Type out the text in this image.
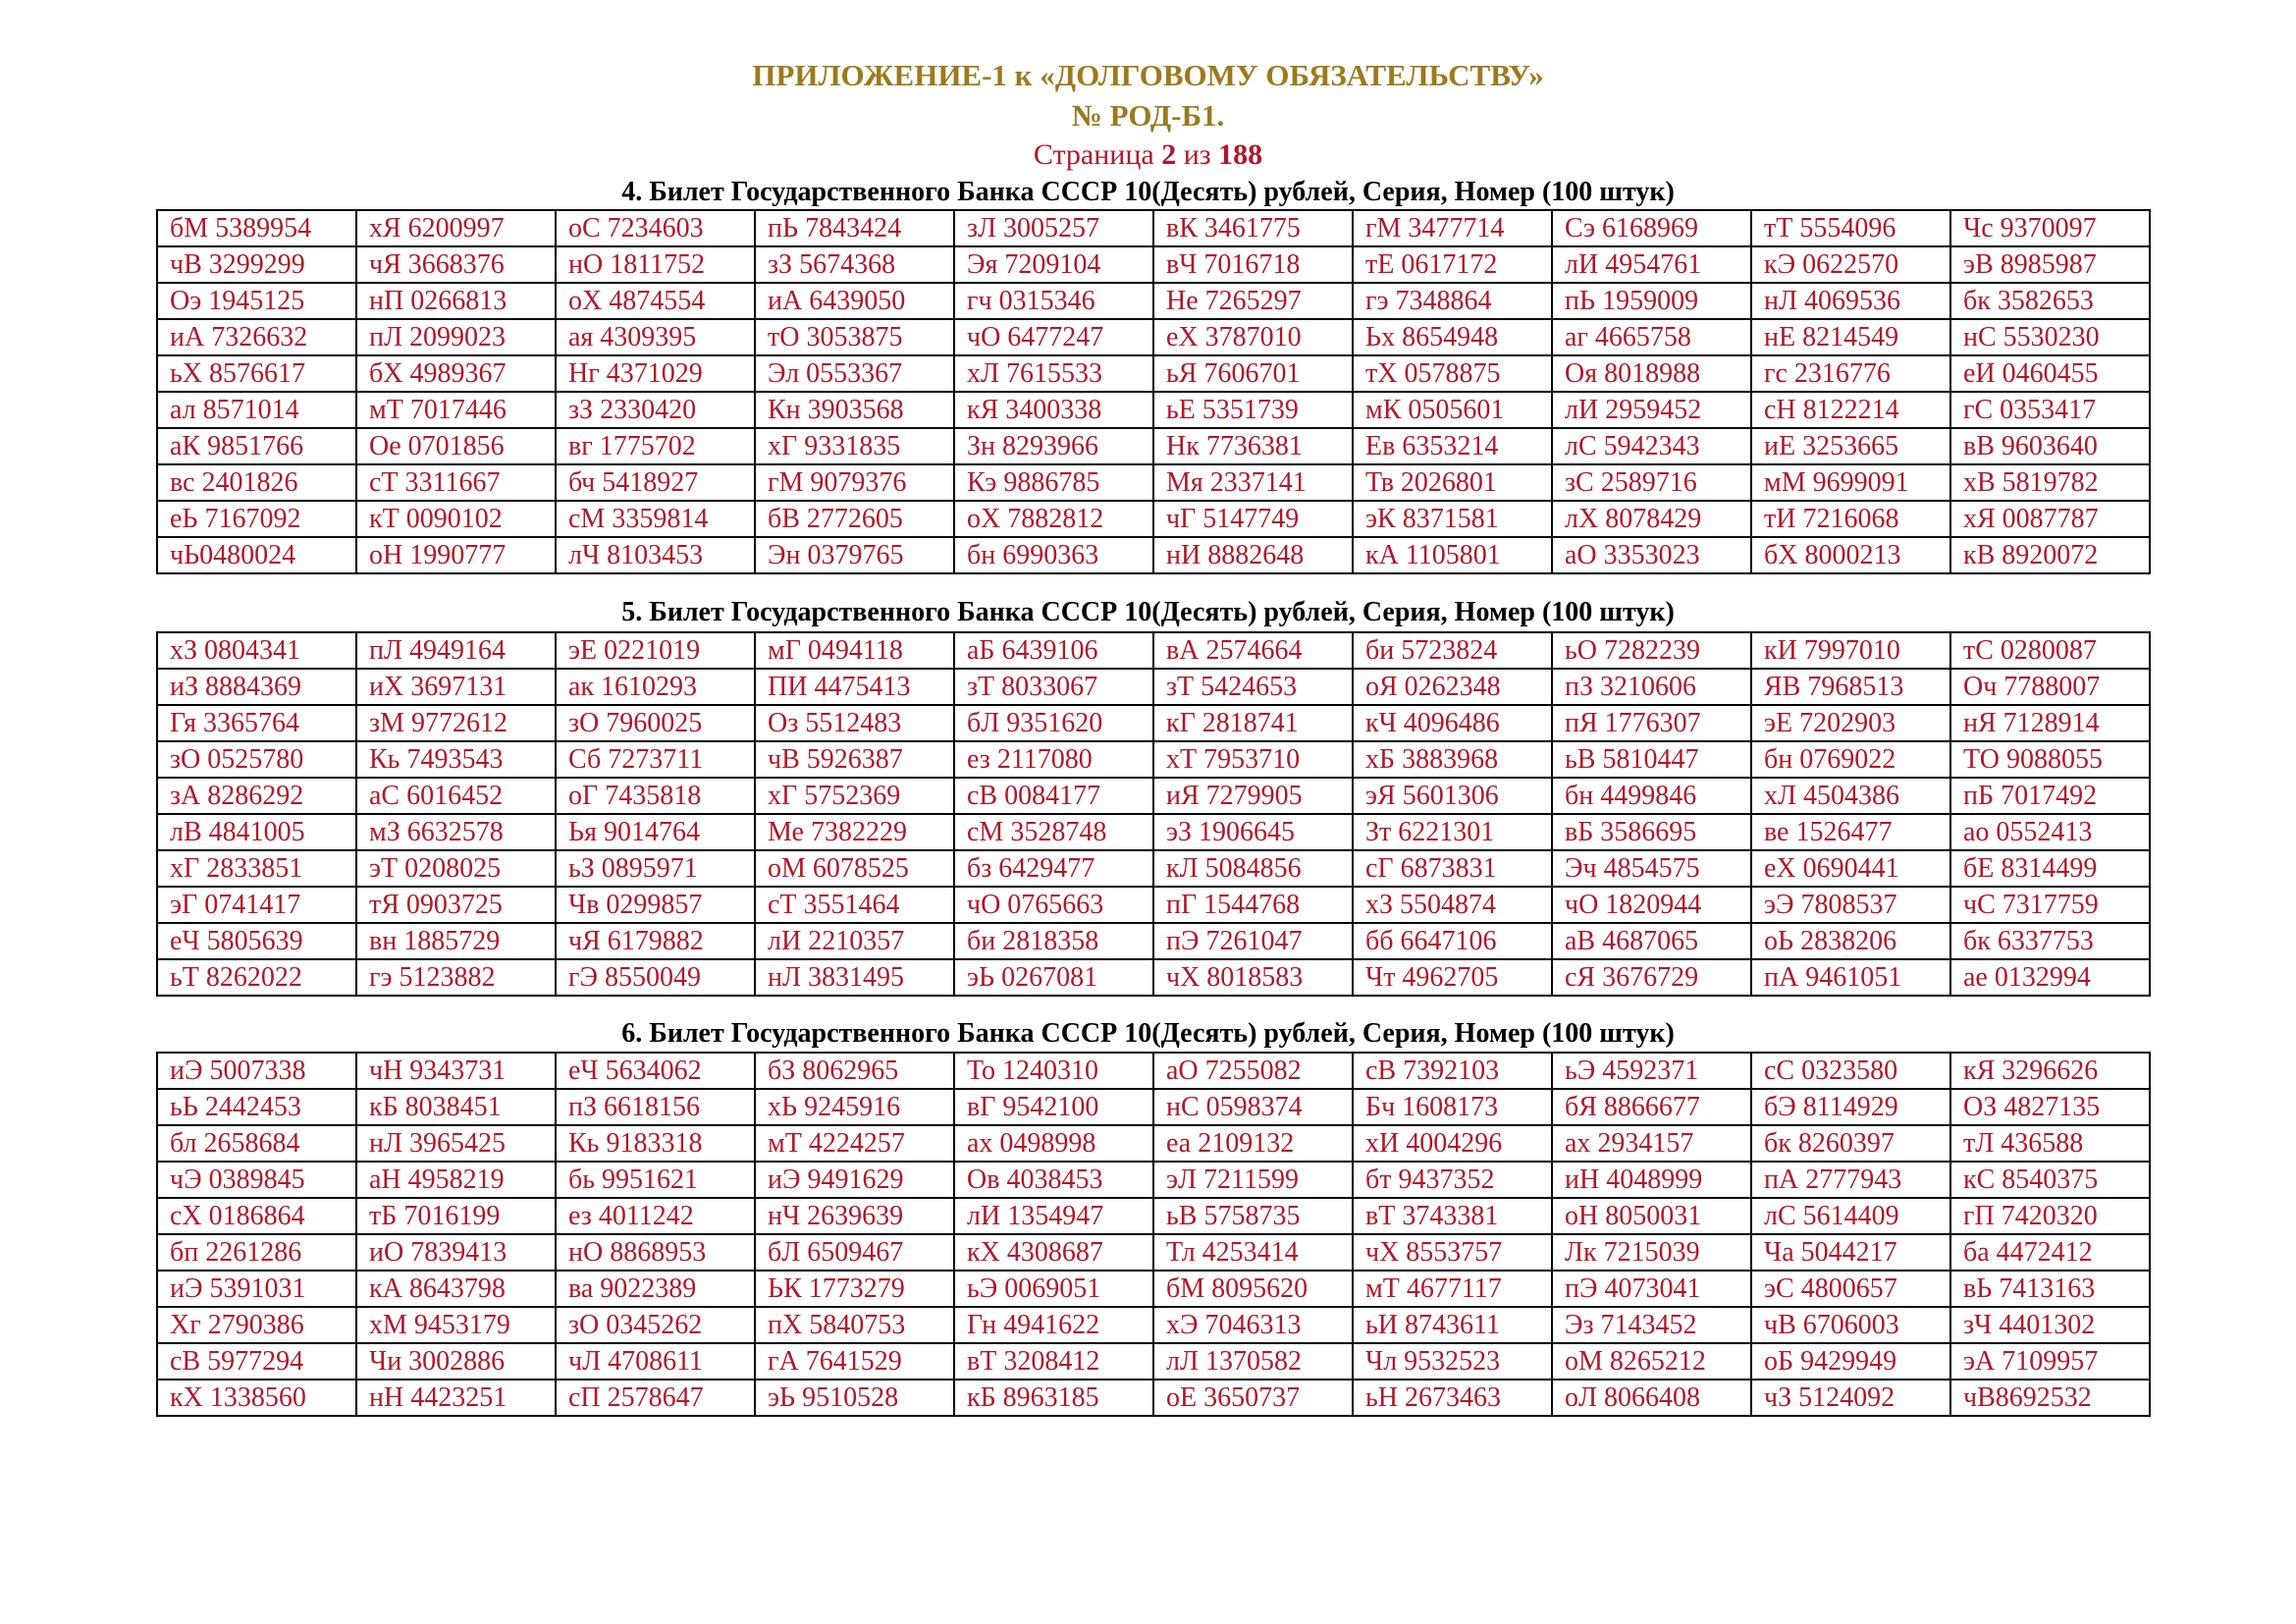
ПРИЛОЖЕНИЕ-1 к «ДОЛГОВОМУ ОБЯЗАТЕЛЬСТВУ»
№ РОД-Б1.
Страница 2 из 188
4. Билет Государственного Банка СССР 10(Десять) рублей, Серия, Номер (100 штук)
бМ 5389954	хЯ 6200997	оС 7234603	пЬ 7843424	зЛ 3005257	вК 3461775	гМ 3477714	Сэ 6168969	тТ 5554096	Чс 9370097
чВ 3299299	чЯ 3668376	нО 1811752	зЗ 5674368	Эя 7209104	вЧ 7016718	тЕ 0617172	лИ 4954761	кЭ 0622570	эВ 8985987
Оэ 1945125	нП 0266813	оХ 4874554	иА 6439050	гч 0315346	Не 7265297	гэ 7348864	пЬ 1959009	нЛ 4069536	бк 3582653
иА 7326632	пЛ 2099023	ая 4309395	тО 3053875	чО 6477247	еХ 3787010	Ьх 8654948	аг 4665758	нЕ 8214549	нС 5530230
ьХ 8576617	бХ 4989367	Нг 4371029	Эл 0553367	хЛ 7615533	ьЯ 7606701	тХ 0578875	Оя 8018988	гс 2316776	еИ 0460455
ал 8571014	мТ 7017446	зЗ 2330420	Кн 3903568	кЯ 3400338	ьЕ 5351739	мК 0505601	лИ 2959452	сН 8122214	гС 0353417
аК 9851766	Ое 0701856	вг 1775702	хГ 9331835	Зн 8293966	Нк 7736381	Ев 6353214	лС 5942343	иЕ 3253665	вВ 9603640
вс 2401826	сТ 3311667	бч 5418927	гМ 9079376	Кэ 9886785	Мя 2337141	Тв 2026801	зС 2589716	мМ 9699091	хВ 5819782
еЬ 7167092	кТ 0090102	сМ 3359814	бВ 2772605	оХ 7882812	чГ 5147749	эК 8371581	лХ 8078429	тИ 7216068	хЯ 0087787
чЬ0480024	оН 1990777	лЧ 8103453	Эн 0379765	бн 6990363	нИ 8882648	кА 1105801	аО 3353023	бХ 8000213	кВ 8920072
5. Билет Государственного Банка СССР 10(Десять) рублей, Серия, Номер (100 штук)
хЗ 0804341	пЛ 4949164	эЕ 0221019	мГ 0494118	аБ 6439106	вА 2574664	би 5723824	ьО 7282239	кИ 7997010	тС 0280087
иЗ 8884369	иХ 3697131	ак 1610293	ПИ 4475413	зТ 8033067	зТ 5424653	оЯ 0262348	пЗ 3210606	ЯВ 7968513	Оч 7788007
Гя 3365764	зМ 9772612	зО 7960025	Оз 5512483	бЛ 9351620	кГ 2818741	кЧ 4096486	пЯ 1776307	эЕ 7202903	нЯ 7128914
зО 0525780	Кь 7493543	Сб 7273711	чВ 5926387	ез 2117080	хТ 7953710	хБ 3883968	ьВ 5810447	бн 0769022	ТО 9088055
зА 8286292	аС 6016452	оГ 7435818	хГ 5752369	сВ 0084177	иЯ 7279905	эЯ 5601306	бн 4499846	хЛ 4504386	пБ 7017492
лВ 4841005	мЗ 6632578	Ья 9014764	Ме 7382229	сМ 3528748	эЗ 1906645	Зт 6221301	вБ 3586695	ве 1526477	ао 0552413
хГ 2833851	эТ 0208025	ьЗ 0895971	оМ 6078525	бз 6429477	кЛ 5084856	сГ 6873831	Эч 4854575	еХ 0690441	бЕ 8314499
эГ 0741417	тЯ 0903725	Чв 0299857	сТ 3551464	чО 0765663	пГ 1544768	хЗ 5504874	чО 1820944	эЭ 7808537	чС 7317759
еЧ 5805639	вн 1885729	чЯ 6179882	лИ 2210357	би 2818358	пЭ 7261047	бб 6647106	аВ 4687065	оЬ 2838206	бк 6337753
ьТ 8262022	гэ 5123882	гЭ 8550049	нЛ 3831495	эЬ 0267081	чХ 8018583	Чт 4962705	сЯ 3676729	пА 9461051	ае 0132994
6. Билет Государственного Банка СССР 10(Десять) рублей, Серия, Номер (100 штук)
иЭ 5007338	чН 9343731	еЧ 5634062	бЗ 8062965	То 1240310	аО 7255082	сВ 7392103	ьЭ 4592371	сС 0323580	кЯ 3296626
ьЬ 2442453	кБ 8038451	пЗ 6618156	хЬ 9245916	вГ 9542100	нС 0598374	Бч 1608173	бЯ 8866677	бЭ 8114929	ОЗ 4827135
бл 2658684	нЛ 3965425	Кь 9183318	мТ 4224257	ах 0498998	еа 2109132	хИ 4004296	ах 2934157	бк 8260397	тЛ 436588
чЭ 0389845	аН 4958219	бь 9951621	иЭ 9491629	Ов 4038453	эЛ 7211599	бт 9437352	иН 4048999	пА 2777943	кС 8540375
сХ 0186864	тБ 7016199	ез 4011242	нЧ 2639639	лИ 1354947	ьВ 5758735	вТ 3743381	оН 8050031	лС 5614409	гП 7420320
бп 2261286	иО 7839413	нО 8868953	бЛ 6509467	кХ 4308687	Тл 4253414	чХ 8553757	Лк 7215039	Ча 5044217	ба 4472412
иЭ 5391031	кА 8643798	ва 9022389	ЬК 1773279	ьЭ 0069051	бМ 8095620	мТ 4677117	пЭ 4073041	эС 4800657	вЬ 7413163
Хг 2790386	хМ 9453179	зО 0345262	пХ 5840753	Гн 4941622	хЭ 7046313	ьИ 8743611	Эз 7143452	чВ 6706003	зЧ 4401302
сВ 5977294	Чи 3002886	чЛ 4708611	гА 7641529	вТ 3208412	лЛ 1370582	Чл 9532523	оМ 8265212	оБ 9429949	эА 7109957
кХ 1338560	нН 4423251	сП 2578647	эЬ 9510528	кБ 8963185	оЕ 3650737	ьН 2673463	оЛ 8066408	чЗ 5124092	чВ8692532
